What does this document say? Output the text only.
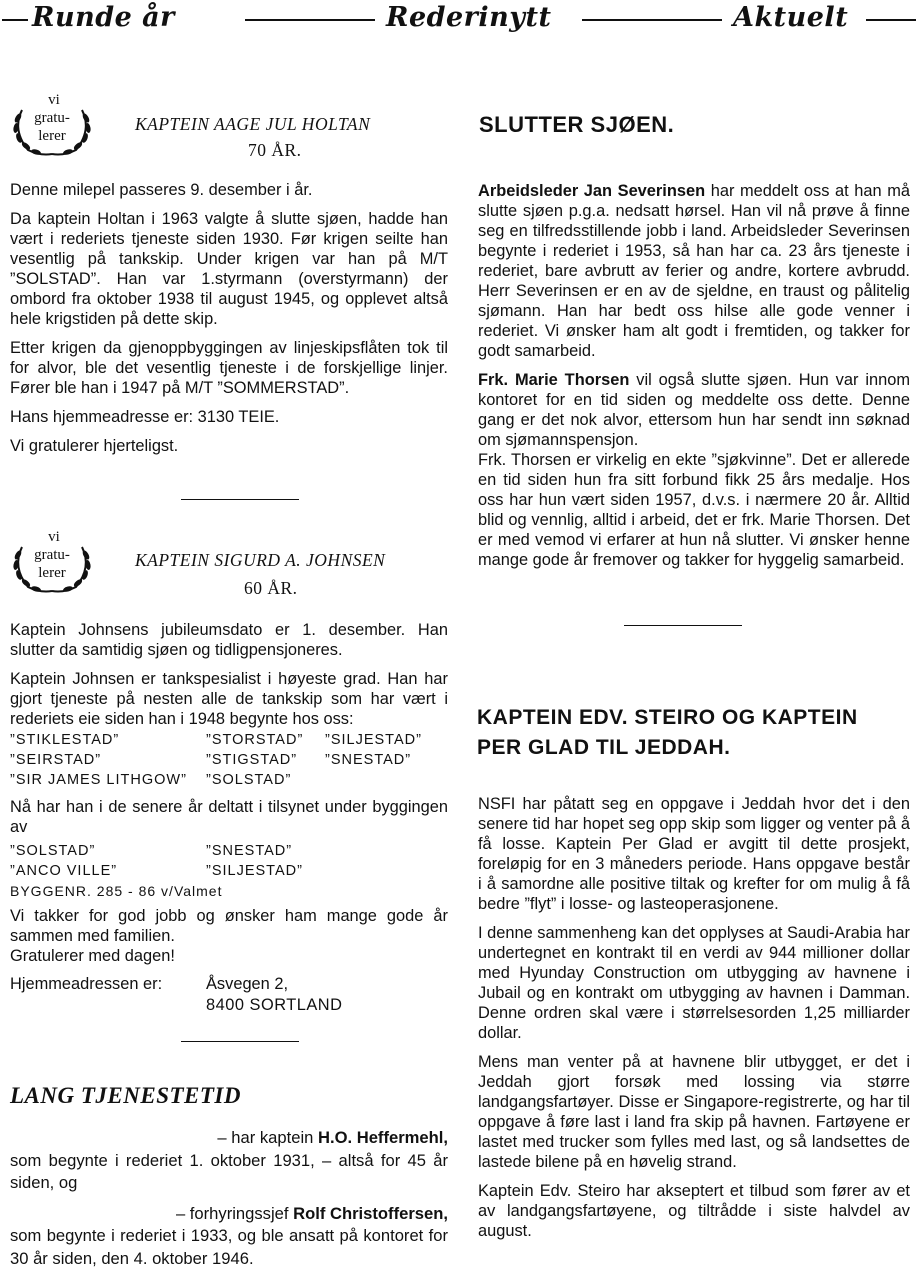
Runde år	Rederinytt	Aktuelt
vi
gratu-
lerer
KAPTEIN AAGE JUL HOLTAN
70 ÅR.

Denne milepel passeres 9. desember i år.

Da kaptein Holtan i 1963 valgte å slutte sjøen, hadde han vært i rederiets tjeneste siden 1930. Før krigen seilte han vesentlig på tankskip. Under krigen var han på M/T ”SOLSTAD”. Han var 1.styrmann (overstyrmann) der ombord fra oktober 1938 til august 1945, og opplevet altså hele krigstiden på dette skip.

Etter krigen da gjenoppbyggingen av linjeskipsflåten tok til for alvor, ble det vesentlig tjeneste i de forskjellige linjer. Fører ble han i 1947 på M/T ”SOMMERSTAD”.

Hans hjemmeadresse er: 3130 TEIE.

Vi gratulerer hjerteligst.

vi
gratu-
lerer
KAPTEIN SIGURD A. JOHNSEN
60 ÅR.

Kaptein Johnsens jubileumsdato er 1. desember. Han slutter da samtidig sjøen og tidligpensjoneres.

Kaptein Johnsen er tankspesialist i høyeste grad. Han har gjort tjeneste på nesten alle de tankskip som har vært i rederiets eie siden han i 1948 begynte hos oss:

”STIKLESTAD”	”STORSTAD” ”SILJESTAD”
”SEIRSTAD”	”STIGSTAD” ”SNESTAD”
”SIR JAMES LITHGOW” ”SOLSTAD”

Nå har han i de senere år deltatt i tilsynet under byggingen av

”SOLSTAD”	”SNESTAD”
”ANCO VILLE”	”SILJESTAD”
BYGGENR. 285 - 86 v/Valmet

Vi takker for god jobb og ønsker ham mange gode år sammen med familien.

Gratulerer med dagen!

Hjemmeadressen er:	Åsvegen 2,
8400 SORTLAND
LANG TJENESTETID
– har kaptein H.O. Heffermehl,
som begynte i rederiet 1. oktober 1931, – altså for 45 år siden, og
– forhyringssjef Rolf Christoffersen,
som begynte i rederiet i 1933, og ble ansatt på kontoret for 30 år siden, den 4. oktober 1946.
SLUTTER SJØEN.

Arbeidsleder Jan Severinsen har meddelt oss at han må slutte sjøen p.g.a. nedsatt hørsel. Han vil nå prøve å finne seg en tilfredsstillende jobb i land. Arbeidsleder Severinsen begynte i rederiet i 1953, så han har ca. 23 års tjeneste i rederiet, bare avbrutt av ferier og andre, kortere avbrudd. Herr Severinsen er en av de sjeldne, en traust og pålitelig sjømann. Han har bedt oss hilse alle gode venner i rederiet. Vi ønsker ham alt godt i fremtiden, og takker for godt samarbeid.

Frk. Marie Thorsen vil også slutte sjøen. Hun var innom kontoret for en tid siden og meddelte oss dette. Denne gang er det nok alvor, ettersom hun har sendt inn søknad om sjømannspensjon.

Frk. Thorsen er virkelig en ekte ”sjøkvinne”. Det er allerede en tid siden hun fra sitt forbund fikk 25 års medalje. Hos oss har hun vært siden 1957, d.v.s. i nærmere 20 år. Alltid blid og vennlig, alltid i arbeid, det er frk. Marie Thorsen. Det er med vemod vi erfarer at hun nå slutter. Vi ønsker henne mange gode år fremover og takker for hyggelig samarbeid.

KAPTEIN EDV. STEIRO OG KAPTEIN
PER GLAD TIL JEDDAH.

NSFI har påtatt seg en oppgave i Jeddah hvor det i den senere tid har hopet seg opp skip som ligger og venter på å få losse. Kaptein Per Glad er avgitt til dette prosjekt, foreløpig for en 3 måneders periode. Hans oppgave består i å samordne alle positive tiltak og krefter for om mulig å få bedre ”flyt” i losse- og lasteoperasjonene.

I denne sammenheng kan det opplyses at Saudi-Arabia har undertegnet en kontrakt til en verdi av 944 millioner dollar med Hyunday Construction om utbygging av havnene i Jubail og en kontrakt om utbygging av havnen i Damman. Denne ordren skal være i størrelsesorden 1,25 milliarder dollar.

Mens man venter på at havnene blir utbygget, er det i Jeddah gjort forsøk med lossing via større landgangsfartøyer. Disse er Singapore-registrerte, og har til oppgave å føre last i land fra skip på havnen. Fartøyene er lastet med trucker som fylles med last, og så landsettes de lastede bilene på en høvelig strand.

Kaptein Edv. Steiro har akseptert et tilbud som fører av et av landgangsfartøyene, og tiltrådde i siste halvdel av august.
